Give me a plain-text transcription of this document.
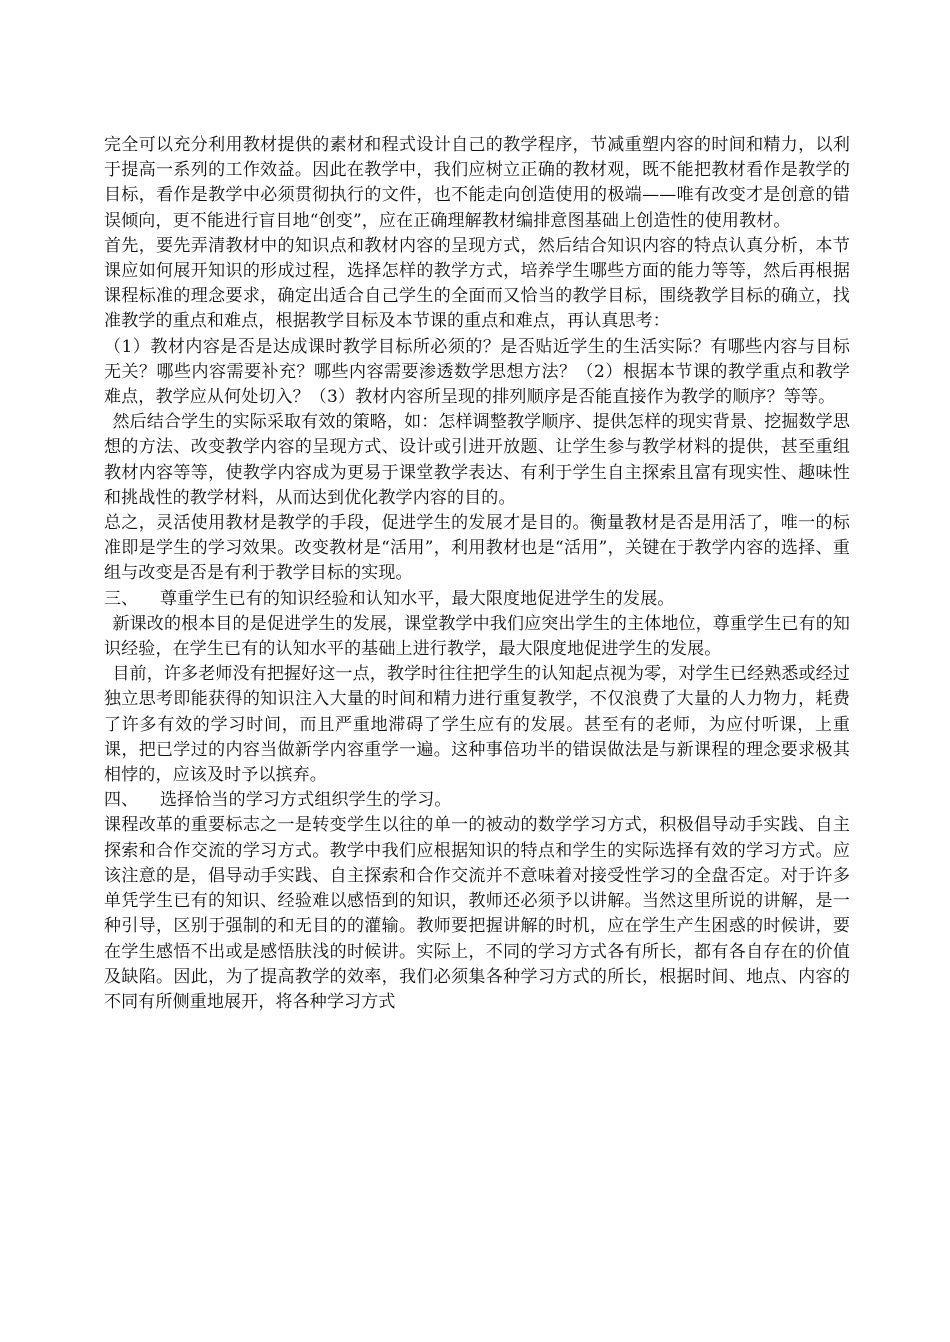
完全可以充分利用教材提供的素材和程式设计自己的教学程序，节减重塑内容的时间和精力，以利于提高一系列的工作效益。因此在教学中，我们应树立正确的教材观，既不能把教材看作是教学的目标，看作是教学中必须贯彻执行的文件，也不能走向创造使用的极端——唯有改变才是创意的错误倾向，更不能进行盲目地“创变”，应在正确理解教材编排意图基础上创造性的使用教材。

首先，要先弄清教材中的知识点和教材内容的呈现方式，然后结合知识内容的特点认真分析，本节课应如何展开知识的形成过程，选择怎样的教学方式，培养学生哪些方面的能力等等，然后再根据课程标准的理念要求，确定出适合自己学生的全面而又恰当的教学目标，围绕教学目标的确立，找准教学的重点和难点，根据教学目标及本节课的重点和难点，再认真思考：

（1）教材内容是否是达成课时教学目标所必须的？是否贴近学生的生活实际？有哪些内容与目标无关？哪些内容需要补充？哪些内容需要渗透数学思想方法？（2）根据本节课的教学重点和教学难点，教学应从何处切入？（3）教材内容所呈现的排列顺序是否能直接作为教学的顺序？等等。

然后结合学生的实际采取有效的策略，如：怎样调整教学顺序、提供怎样的现实背景、挖掘数学思想的方法、改变教学内容的呈现方式、设计或引进开放题、让学生参与教学材料的提供，甚至重组教材内容等等，使教学内容成为更易于课堂教学表达、有利于学生自主探索且富有现实性、趣味性和挑战性的教学材料，从而达到优化教学内容的目的。

总之，灵活使用教材是教学的手段，促进学生的发展才是目的。衡量教材是否是用活了，唯一的标准即是学生的学习效果。改变教材是“活用”，利用教材也是“活用”，关键在于教学内容的选择、重组与改变是否是有利于教学目标的实现。

三、	尊重学生已有的知识经验和认知水平，最大限度地促进学生的发展。

新课改的根本目的是促进学生的发展，课堂教学中我们应突出学生的主体地位，尊重学生已有的知识经验，在学生已有的认知水平的基础上进行教学，最大限度地促进学生的发展。

目前，许多老师没有把握好这一点，教学时往往把学生的认知起点视为零，对学生已经熟悉或经过独立思考即能获得的知识注入大量的时间和精力进行重复教学，不仅浪费了大量的人力物力，耗费了许多有效的学习时间，而且严重地滞碍了学生应有的发展。甚至有的老师，为应付听课，上重课，把已学过的内容当做新学内容重学一遍。这种事倍功半的错误做法是与新课程的理念要求极其相悖的，应该及时予以摈弃。

四、	选择恰当的学习方式组织学生的学习。

课程改革的重要标志之一是转变学生以往的单一的被动的数学学习方式，积极倡导动手实践、自主探索和合作交流的学习方式。教学中我们应根据知识的特点和学生的实际选择有效的学习方式。应该注意的是，倡导动手实践、自主探索和合作交流并不意味着对接受性学习的全盘否定。对于许多单凭学生已有的知识、经验难以感悟到的知识，教师还必须予以讲解。当然这里所说的讲解，是一种引导，区别于强制的和无目的的灌输。教师要把握讲解的时机，应在学生产生困惑的时候讲，要在学生感悟不出或是感悟肤浅的时候讲。实际上，不同的学习方式各有所长，都有各自存在的价值及缺陷。因此，为了提高教学的效率，我们必须集各种学习方式的所长，根据时间、地点、内容的不同有所侧重地展开，将各种学习方式
